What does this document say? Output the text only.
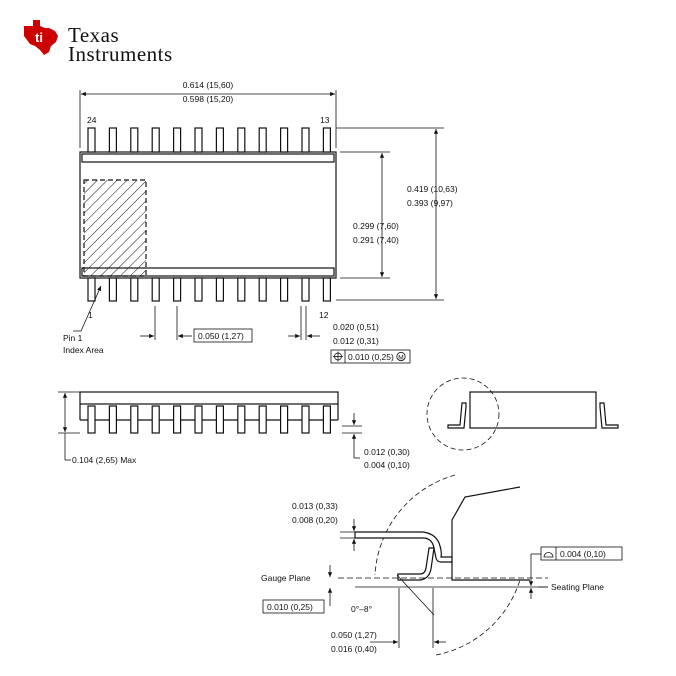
ti Texas
Instruments
24	13
1	12
0.614 (15,60)
0.598 (15,20)
0.419 (10,63)
0.393 (9,97)
0.299 (7,60)
0.291 (7,40)
0.050 (1,27)
0.020 (0,51)
0.012 (0,31)
0.010 (0,25) M
Pin 1
Index Area
0.104 (2,65) Max
0.012 (0,30)
0.004 (0,10)
0.013 (0,33)
0.008 (0,20)
Gauge Plane
0.010 (0,25)	0°–8°
0.050 (1,27)
0.016 (0,40)
0.004 (0,10)
Seating Plane
